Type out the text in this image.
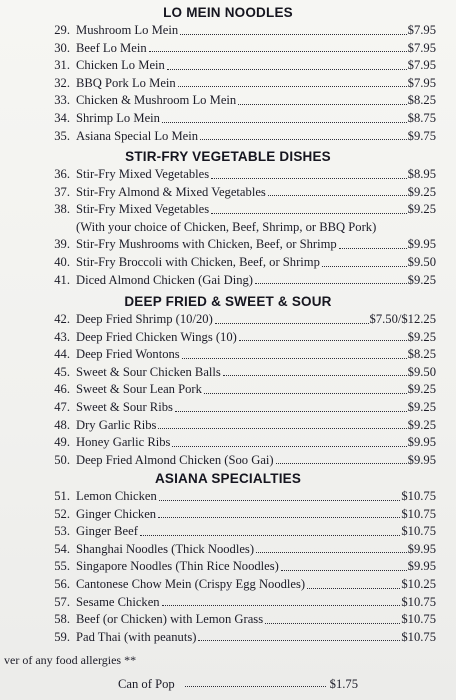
LO MEIN NOODLES
29. Mushroom Lo Mein	$7.95
30. Beef Lo Mein	$7.95
31. Chicken Lo Mein	$7.95
32. BBQ Pork Lo Mein	$7.95
33. Chicken & Mushroom Lo Mein	$8.25
34. Shrimp Lo Mein	$8.75
35. Asiana Special Lo Mein	$9.75
STIR-FRY VEGETABLE DISHES
36. Stir-Fry Mixed Vegetables	$8.95
37. Stir-Fry Almond & Mixed Vegetables	$9.25
38. Stir-Fry Mixed Vegetables	$9.25
(With your choice of Chicken, Beef, Shrimp, or BBQ Pork)
39. Stir-Fry Mushrooms with Chicken, Beef, or Shrimp	$9.95
40. Stir-Fry Broccoli with Chicken, Beef, or Shrimp	$9.50
41. Diced Almond Chicken (Gai Ding)	$9.25
DEEP FRIED & SWEET & SOUR
42. Deep Fried Shrimp (10/20)	$7.50/$12.25
43. Deep Fried Chicken Wings (10)	$9.25
44. Deep Fried Wontons	$8.25
45. Sweet & Sour Chicken Balls	$9.50
46. Sweet & Sour Lean Pork	$9.25
47. Sweet & Sour Ribs	$9.25
48. Dry Garlic Ribs	$9.25
49. Honey Garlic Ribs	$9.95
50. Deep Fried Almond Chicken (Soo Gai)	$9.95
ASIANA SPECIALTIES
51. Lemon Chicken	$10.75
52. Ginger Chicken	$10.75
53. Ginger Beef	$10.75
54. Shanghai Noodles (Thick Noodles)	$9.95
55. Singapore Noodles (Thin Rice Noodles)	$9.95
56. Cantonese Chow Mein (Crispy Egg Noodles)	$10.25
57. Sesame Chicken	$10.75
58. Beef (or Chicken) with Lemon Grass	$10.75
59. Pad Thai (with peanuts)	$10.75
ver of any food allergies **
Can of Pop	$1.75
